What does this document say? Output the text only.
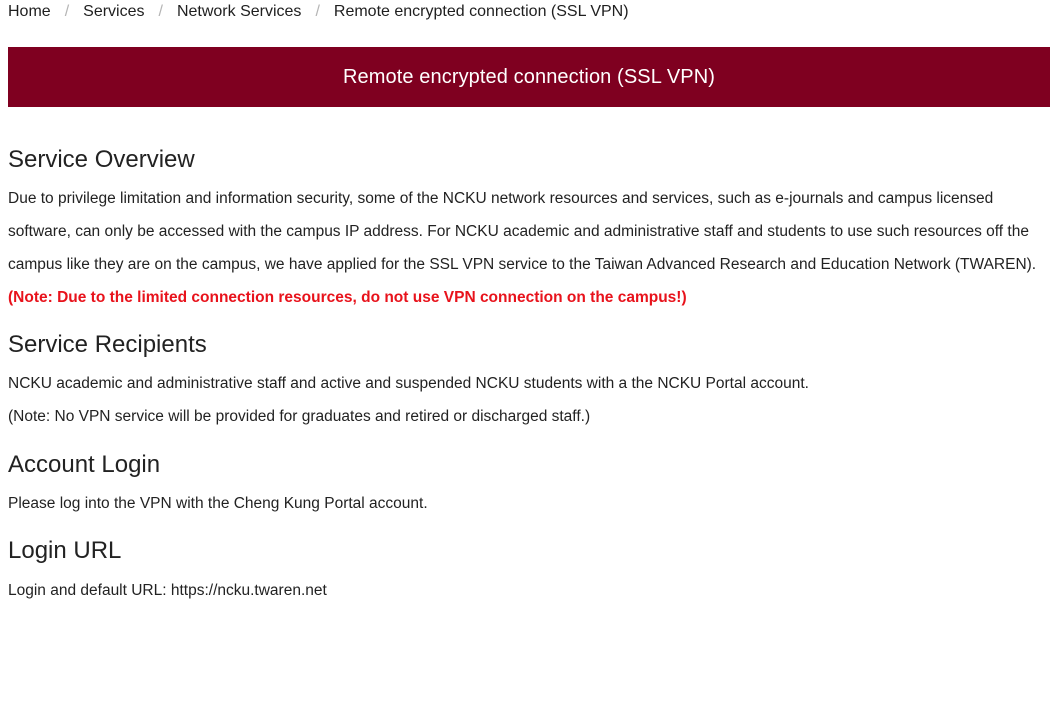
Home / Services / Network Services / Remote encrypted connection (SSL VPN)
Remote encrypted connection (SSL VPN)
Service Overview

Due to privilege limitation and information security, some of the NCKU network resources and services, such as e-journals and campus licensed software, can only be accessed with the campus IP address. For NCKU academic and administrative staff and students to use such resources off the campus like they are on the campus, we have applied for the SSL VPN service to the Taiwan Advanced Research and Education Network (TWAREN). (Note: Due to the limited connection resources, do not use VPN connection on the campus!)

Service Recipients

NCKU academic and administrative staff and active and suspended NCKU students with a the NCKU Portal account.
(Note: No VPN service will be provided for graduates and retired or discharged staff.)

Account Login

Please log into the VPN with the Cheng Kung Portal account.

Login URL

Login and default URL: https://ncku.twaren.net
